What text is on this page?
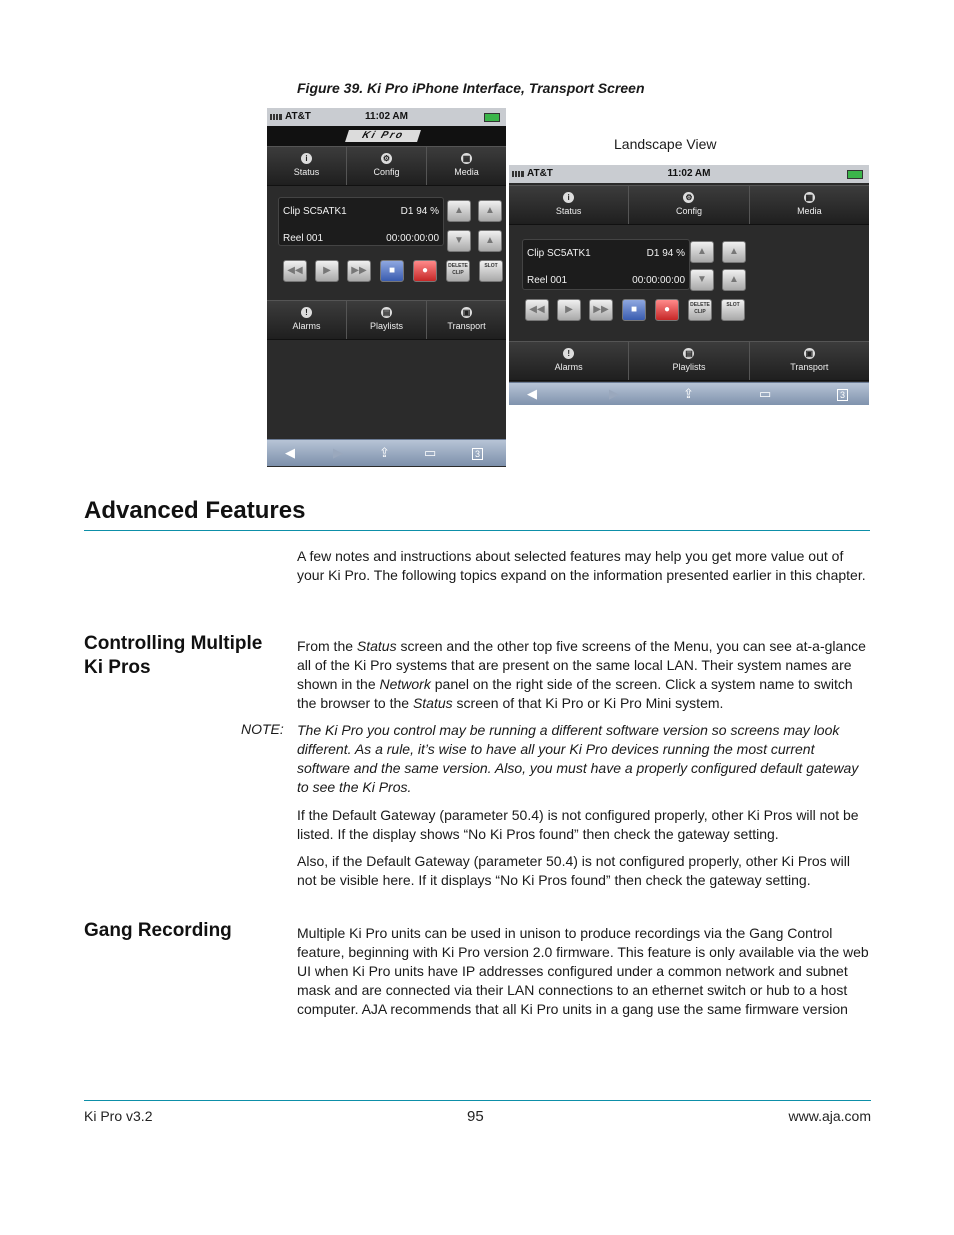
Figure 39. Ki Pro iPhone Interface, Transport Screen
AT&T	11:02 AM
Ki Pro
i
Status
⚙
Config
▦
Media
Clip SC5ATK1	D1 94 %
Reel 001	00:00:00:00
▲	▲
▼	▲
◀◀	▶	▶▶	■	●	DELETE CLIP
SLOT
!
Alarms
▤
Playlists
▣
Transport
◀	▶	⇪	▭	3
Landscape View
AT&T	11:02 AM
i
Status
⚙
Config
▦
Media
Clip SC5ATK1	D1 94 %
Reel 001	00:00:00:00
▲	▲
▼	▲
◀◀	▶	▶▶	■	●	DELETE CLIP
SLOT
!
Alarms
▤
Playlists
▣
Transport
◀	▶	⇪	▭	3
Advanced Features
A few notes and instructions about selected features may help you get more value out of your Ki Pro. The following topics expand on the information presented earlier in this chapter.
Controlling Multiple
Ki Pros
From the Status screen and the other top five screens of the Menu, you can see at-a-glance all of the Ki Pro systems that are present on the same local LAN. Their system names are shown in the Network panel on the right side of the screen. Click a system name to switch the browser to the Status screen of that Ki Pro or Ki Pro Mini system.
NOTE: The Ki Pro you control may be running a different software version so screens may look different. As a rule, it’s wise to have all your Ki Pro devices running the most current software and the same version. Also, you must have a properly configured default gateway to see the Ki Pros.
If the Default Gateway (parameter 50.4) is not configured properly, other Ki Pros will not be listed. If the display shows “No Ki Pros found” then check the gateway setting.
Also, if the Default Gateway (parameter 50.4) is not configured properly, other Ki Pros will not be visible here. If it displays “No Ki Pros found” then check the gateway setting.
Gang Recording	Multiple Ki Pro units can be used in unison to produce recordings via the Gang Control feature, beginning with Ki Pro version 2.0 firmware. This feature is only available via the web UI when Ki Pro units have IP addresses configured under a common network and subnet mask and are connected via their LAN connections to an ethernet switch or hub to a host computer. AJA recommends that all Ki Pro units in a gang use the same firmware version
Ki Pro v3.2	95	www.aja.com
